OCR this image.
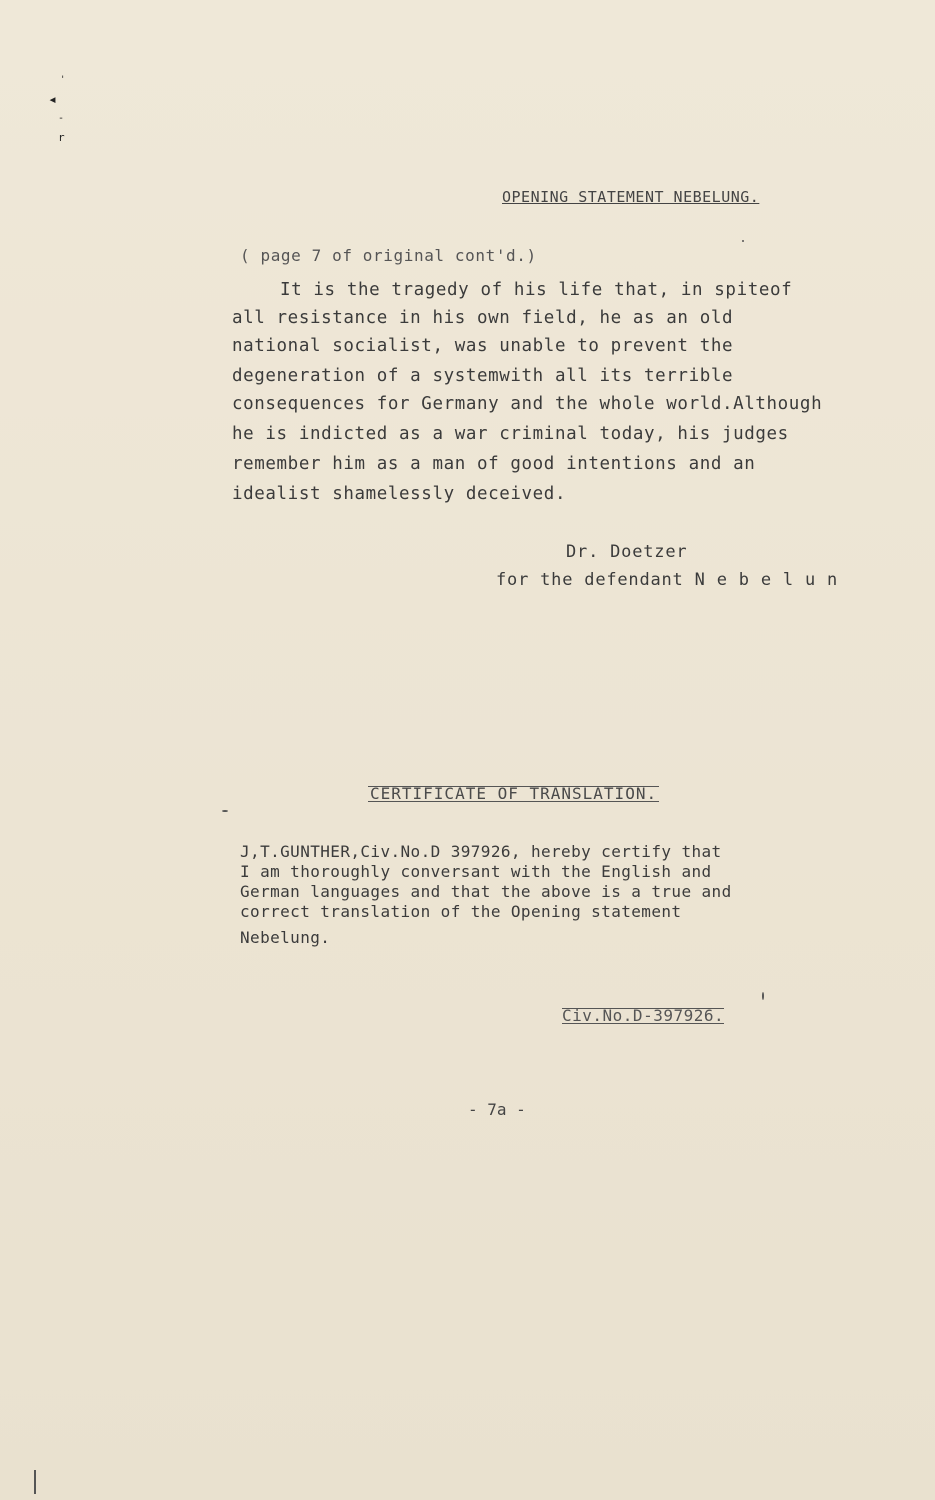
◂
'
-
r
OPENING STATEMENT NEBELUNG.
( page 7 of original cont'd.)
It is the tragedy of his life that, in spiteof
all resistance in his own field, he as an old
national socialist, was unable to prevent the
degeneration of a systemwith all its terrible
consequences for Germany and the whole world.Although
he is indicted as a war criminal today, his judges
remember him as a man of good intentions and an
idealist shamelessly deceived.
Dr. Doetzer
for the defendant N e b e l u n
CERTIFICATE OF TRANSLATION.
J,T.GUNTHER,Civ.No.D 397926, hereby certify that
I am thoroughly conversant with the English and
German languages and that the above is a true and
correct translation of the Opening statement
Nebelung.
Civ.No.D-397926.
- 7a -
